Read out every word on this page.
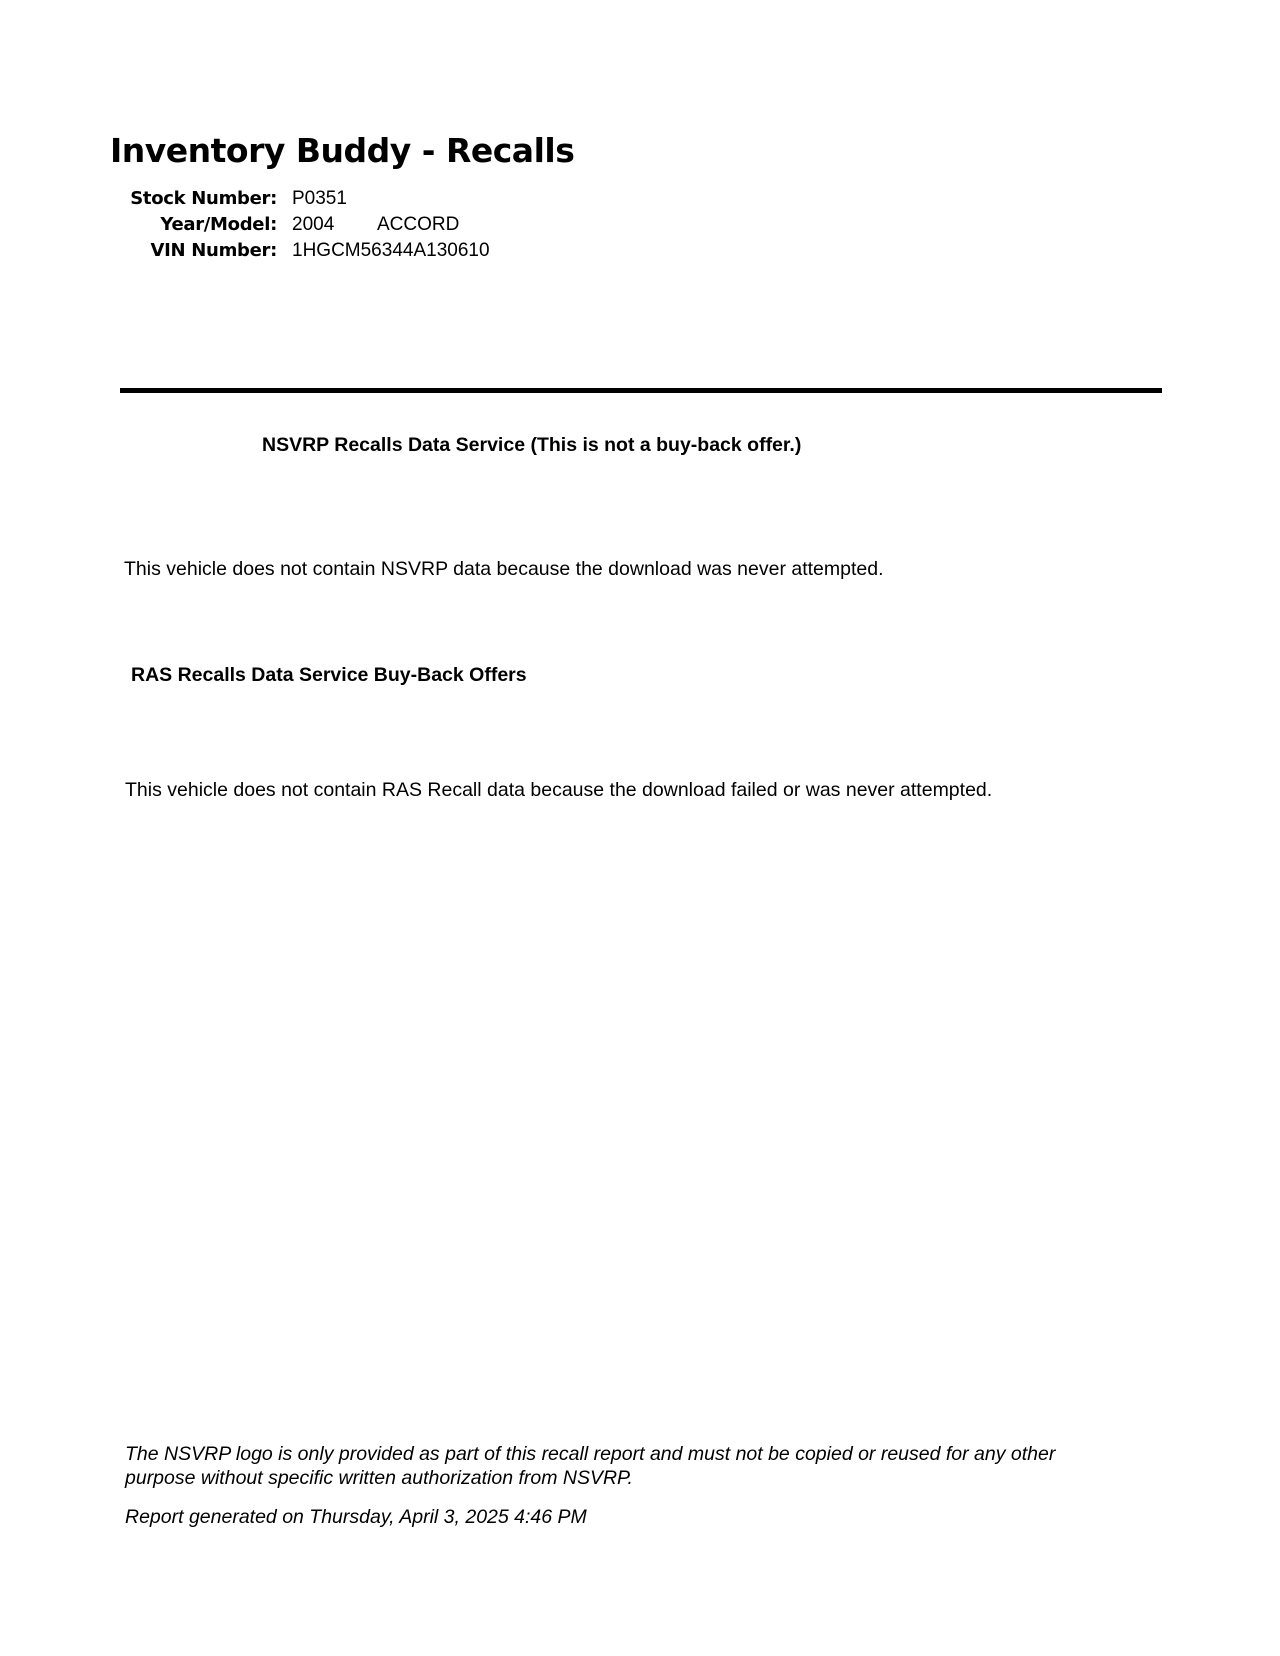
Inventory Buddy - Recalls
Stock Number: P0351
Year/Model: 2004	ACCORD
VIN Number: 1HGCM56344A130610
NSVRP Recalls Data Service (This is not a buy-back offer.)
This vehicle does not contain NSVRP data because the download was never attempted.
RAS Recalls Data Service Buy-Back Offers
This vehicle does not contain RAS Recall data because the download failed or was never attempted.
The NSVRP logo is only provided as part of this recall report and must not be copied or reused for any other
purpose without specific written authorization from NSVRP.
Report generated on Thursday, April 3, 2025 4:46 PM
